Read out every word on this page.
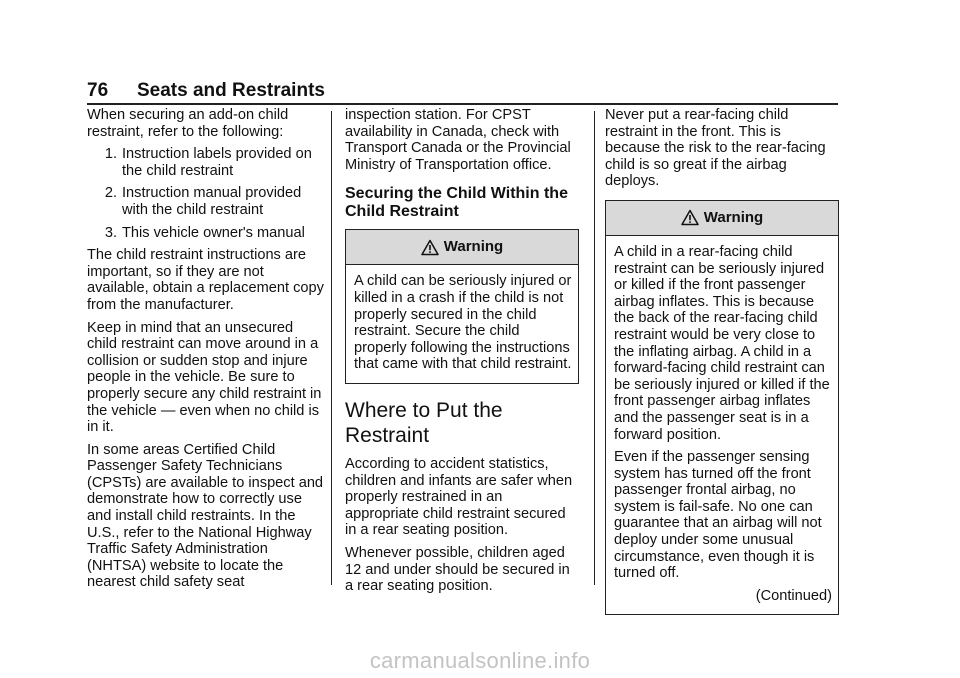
76 Seats and Restraints

When securing an add-on child restraint, refer to the following:

1. Instruction labels provided on the child restraint
2. Instruction manual provided with the child restraint
3. This vehicle owner's manual

The child restraint instructions are important, so if they are not available, obtain a replacement copy from the manufacturer.

Keep in mind that an unsecured child restraint can move around in a collision or sudden stop and injure people in the vehicle. Be sure to properly secure any child restraint in the vehicle — even when no child is in it.

In some areas Certified Child Passenger Safety Technicians (CPSTs) are available to inspect and demonstrate how to correctly use and install child restraints. In the U.S., refer to the National Highway Traffic Safety Administration (NHTSA) website to locate the nearest child safety seat

inspection station. For CPST availability in Canada, check with Transport Canada or the Provincial Ministry of Transportation office.

Securing the Child Within the Child Restraint
Warning

A child can be seriously injured or killed in a crash if the child is not properly secured in the child restraint. Secure the child properly following the instructions that came with that child restraint.

Where to Put the Restraint

According to accident statistics, children and infants are safer when properly restrained in an appropriate child restraint secured in a rear seating position.

Whenever possible, children aged 12 and under should be secured in a rear seating position.

Never put a rear-facing child restraint in the front. This is because the risk to the rear-facing child is so great if the airbag deploys.

Warning

A child in a rear-facing child restraint can be seriously injured or killed if the front passenger airbag inflates. This is because the back of the rear-facing child restraint would be very close to the inflating airbag. A child in a forward-facing child restraint can be seriously injured or killed if the front passenger airbag inflates and the passenger seat is in a forward position.

Even if the passenger sensing system has turned off the front passenger frontal airbag, no system is fail-safe. No one can guarantee that an airbag will not deploy under some unusual circumstance, even though it is turned off.

(Continued)

carmanualsonline.info
